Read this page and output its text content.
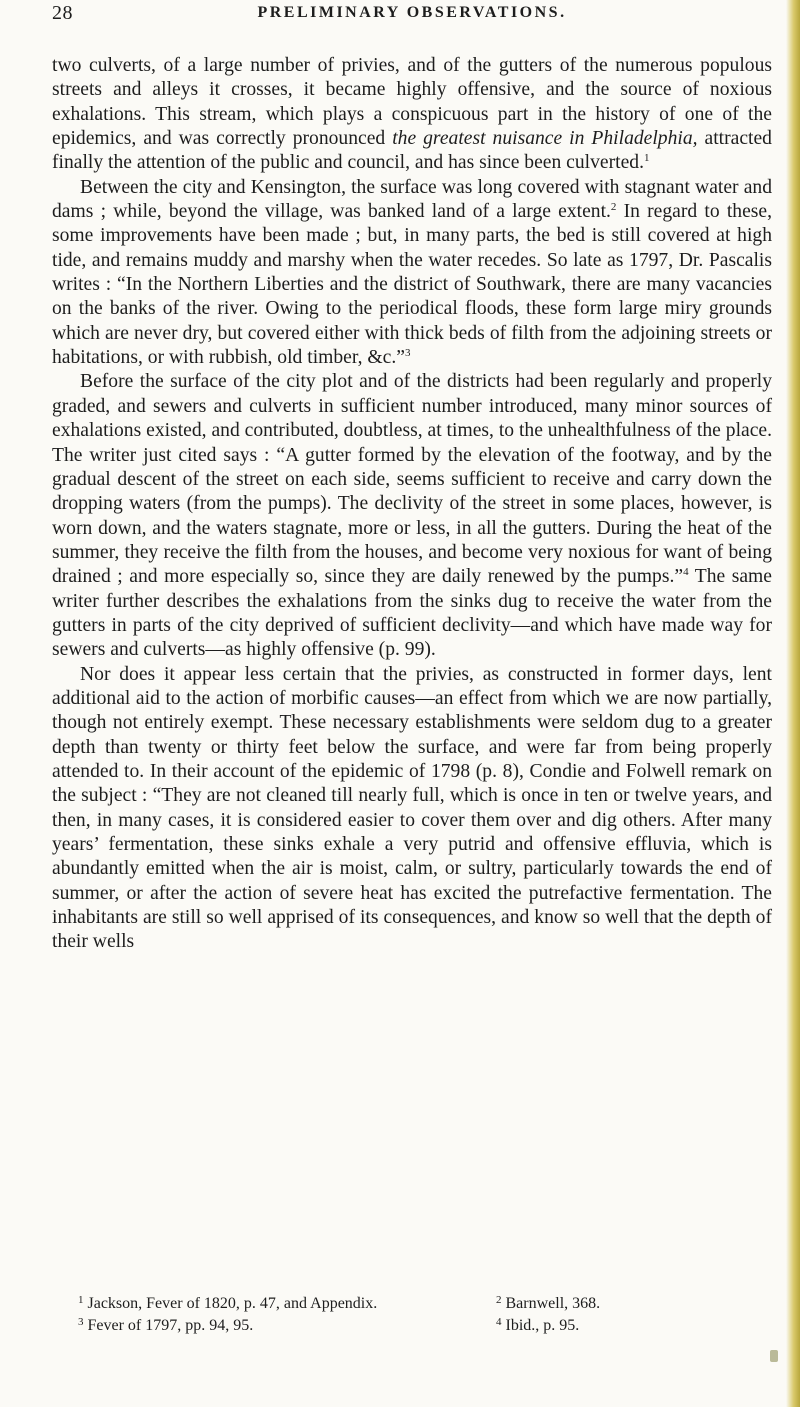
28	PRELIMINARY OBSERVATIONS.

two culverts, of a large number of privies, and of the gutters of the numerous populous streets and alleys it crosses, it became highly offensive, and the source of noxious exhalations. This stream, which plays a conspicuous part in the history of one of the epidemics, and was correctly pronounced the greatest nuisance in Philadelphia, attracted finally the attention of the public and council, and has since been culverted.$^1$

Between the city and Kensington, the surface was long covered with stagnant water and dams ; while, beyond the village, was banked land of a large extent.$^2$ In regard to these, some improvements have been made ; but, in many parts, the bed is still covered at high tide, and remains muddy and marshy when the water recedes. So late as 1797, Dr. Pascalis writes : “In the Northern Liberties and the district of Southwark, there are many vacancies on the banks of the river. Owing to the periodical floods, these form large miry grounds which are never dry, but covered either with thick beds of filth from the adjoining streets or habitations, or with rubbish, old timber, &c.”$^3$

Before the surface of the city plot and of the districts had been regularly and properly graded, and sewers and culverts in sufficient number introduced, many minor sources of exhalations existed, and contributed, doubtless, at times, to the unhealthfulness of the place. The writer just cited says : “A gutter formed by the elevation of the footway, and by the gradual descent of the street on each side, seems sufficient to receive and carry down the dropping waters (from the pumps). The declivity of the street in some places, however, is worn down, and the waters stagnate, more or less, in all the gutters. During the heat of the summer, they receive the filth from the houses, and become very noxious for want of being drained ; and more especially so, since they are daily renewed by the pumps.”$^4$ The same writer further describes the exhalations from the sinks dug to receive the water from the gutters in parts of the city deprived of sufficient declivity—and which have made way for sewers and culverts—as highly offensive (p. 99).

Nor does it appear less certain that the privies, as constructed in former days, lent additional aid to the action of morbific causes—an effect from which we are now partially, though not entirely exempt. These necessary establishments were seldom dug to a greater depth than twenty or thirty feet below the surface, and were far from being properly attended to. In their account of the epidemic of 1798 (p. 8), Condie and Folwell remark on the subject : “They are not cleaned till nearly full, which is once in ten or twelve years, and then, in many cases, it is considered easier to cover them over and dig others. After many years’ fermentation, these sinks exhale a very putrid and offensive effluvia, which is abundantly emitted when the air is moist, calm, or sultry, particularly towards the end of summer, or after the action of severe heat has excited the putrefactive fermentation. The inhabitants are still so well apprised of its consequences, and know so well that the depth of their wells

$^1$ Jackson, Fever of 1820, p. 47, and Appendix.
$^3$ Fever of 1797, pp. 94, 95.
$^2$ Barnwell, 368.
$^4$ Ibid., p. 95.
